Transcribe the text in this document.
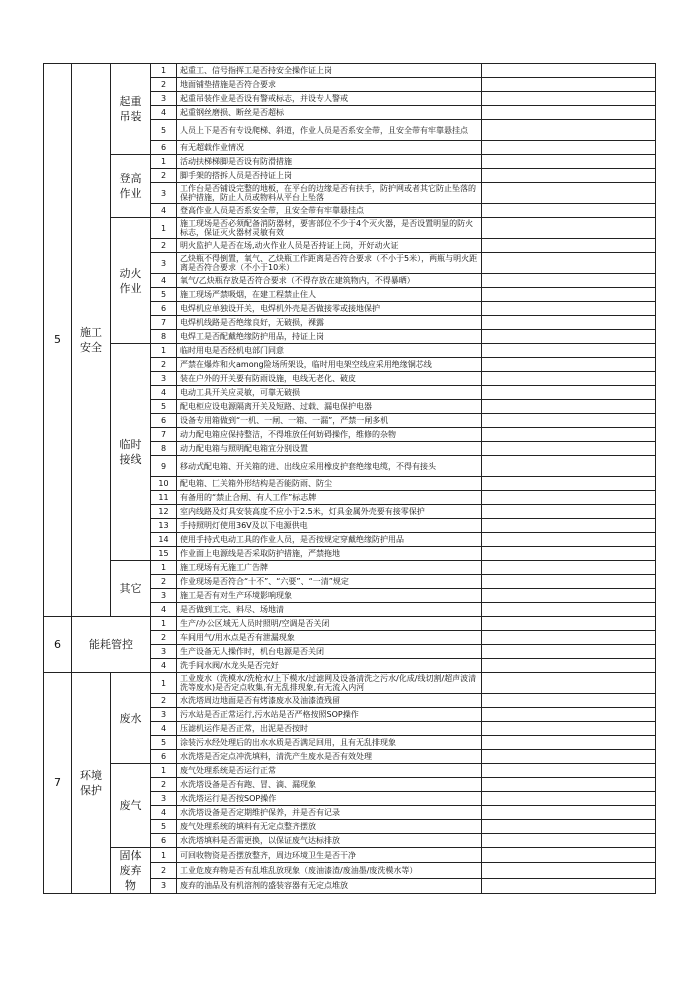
5	施工安全	起重吊装	1	起重工、信号指挥工是否持安全操作证上岗	
			2	地面铺垫措施是否符合要求	
			3	起重吊装作业是否设有警戒标志，并设专人警戒	
			4	起重钢丝磨损、断丝是否超标	
			5	人员上下是否有专设爬梯、斜道，作业人员是否系安全带，且安全带有牢靠悬挂点	
			6	有无超载作业情况	
		登高作业	1	活动扶梯梯脚是否设有防滑措施	
			2	脚手架的搭拆人员是否持证上岗	
			3	工作台是否铺设完整的地板，在平台的边缘是否有扶手，防护网或者其它防止坠落的保护措施，防止人员或物料从平台上坠落	
			4	登高作业人员是否系安全带，且安全带有牢靠悬挂点	
		动火作业	1	施工现场是否必须配备消防器材，要害部位不少于4个灭火器，是否设置明显的防火标志，保证灭火器材灵敏有效	
			2	明火监护人是否在场,动火作业人员是否持证上岗，开好动火证	
			3	乙炔瓶不得倒置，氧气、乙炔瓶工作距离是否符合要求（不小于5米），两瓶与明火距离是否符合要求（不小于10米）	
			4	氧气/乙炔瓶存放是否符合要求（不得存放在建筑物内，不得暴晒）	
			5	施工现场严禁吸烟，在建工程禁止住人	
			6	电焊机应单独设开关，电焊机外壳是否做接零或接地保护	
			7	电焊机线路是否绝缘良好，无破损，裸露	
			8	电焊工是否配戴绝缘防护用品，持证上岗	
		临时接线	1	临时用电是否经机电部门同意	
			2	严禁在爆炸和火among险场所架设，临时用电架空线应采用绝缘铜芯线	
			3	装在户外的开关要有防雨设施，电线无老化、破皮	
			4	电动工具开关应灵敏，可靠无破损	
			5	配电柜应设电源隔离开关及短路、过载、漏电保护电器	
			6	设备专用箱做到“一机、一闸、一箱、一漏”，严禁一闸多机	
			7	动力配电箱应保持整洁，不得堆放任何妨碍操作，维修的杂物	
			8	动力配电箱与照明配电箱宜分别设置	
			9	移动式配电箱、开关箱的进、出线应采用橡皮护套绝缘电缆，不得有接头	
			10	配电箱、匚关箱外形结构是否能防雨、防尘	
			11	有备用的“禁止合闸、有人工作”标志牌	
			12	室内线路及灯具安装高度不应小于2.5米，灯具金属外壳要有接零保护	
			13	手持照明灯使用36V及以下电源供电	
			14	使用手持式电动工具的作业人员，是否按规定穿戴绝缘防护用品	
			15	作业面上电源线是否采取防护措施，严禁拖地	
		其它	1	施工现场有无施工广告牌	
			2	作业现场是否符合“十不”、“六要”、“一清”规定	
			3	施工是否有对生产环境影响现象	
			4	是否做到工完、料尽、场地清	
6	能耗管控		1	生产/办公区域无人员时照明/空调是否关闭	
			2	车间用气/用水点是否有泄漏现象	
			3	生产设备无人操作时，机台电源是否关闭	
			4	洗手间水阀/水龙头是否完好	
7	环境保护	废水	1	工业废水（洗模水/洗枪水/上下模水/过滤网及设备清洗之污水/化成/线切割/超声波清洗等废水)是否定点收集,有无乱排现象,有无流入内河	
			2	水洗塔周边地面是否有烤漆废水及油漆渣残留	
			3	污水站是否正常运行,污水站是否严格按照SOP操作	
			4	压滤机运作是否正常，出泥是否按时	
			5	涂装污水经处理后的出水水质是否满足回用，且有无乱排现象	
			6	水洗塔是否定点冲洗填料，清洗产生废水是否有效处理	
		废气	1	废气处理系统是否运行正常	
			2	水洗塔设备是否有跑、冒、滴、漏现象	
			3	水洗塔运行是否按SOP操作	
			4	水洗塔设备是否定期维护保养，并是否有记录	
			5	废气处理系统的填料有无定点整齐摆放	
			6	水洗塔填料是否需更换，以保证废气达标排放	
		固体废弃物	1	可回收物资是否摆放整齐，周边环境卫生是否干净	
			2	工业危废弃物是否有乱堆乱放现象（废油漆渣/废油墨/废洗模水等）	
			3	废弃的油品及有机溶剂的盛装容器有无定点堆放	
